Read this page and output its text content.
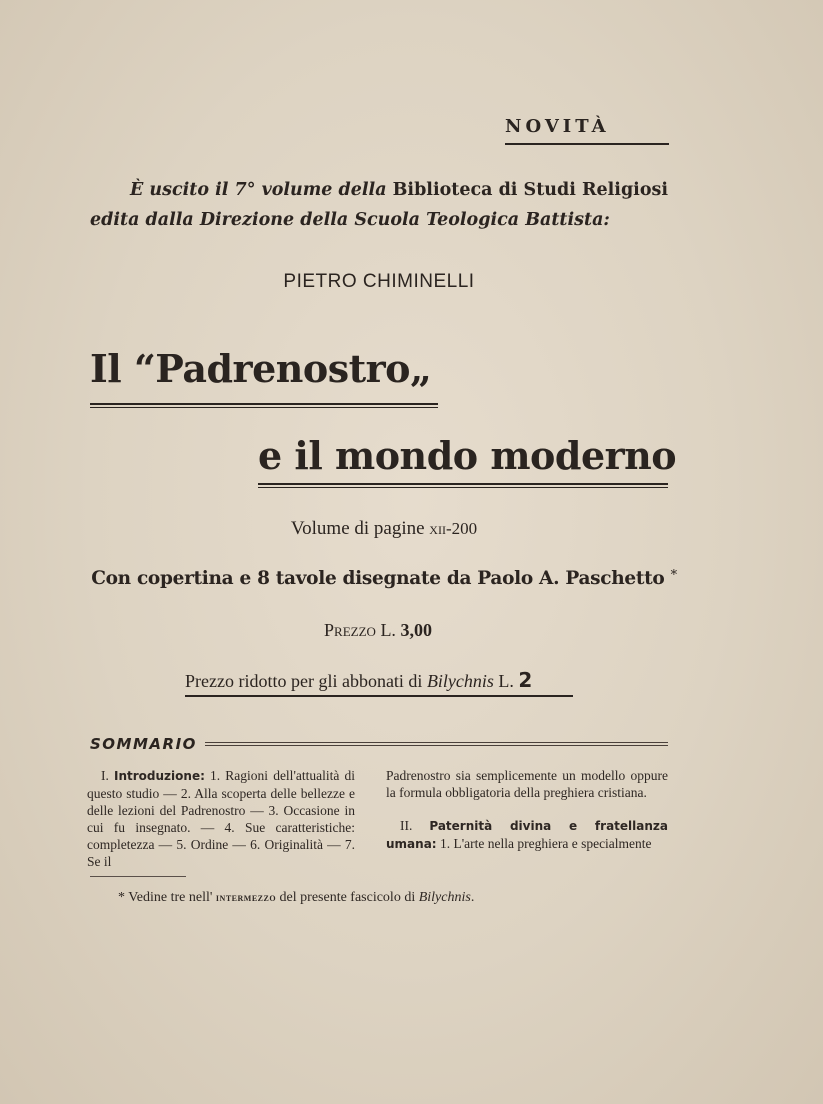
NOVITÀ
È uscito il 7° volume della Biblioteca di Studi Religiosi
edita dalla Direzione della Scuola Teologica Battista:
PIETRO CHIMINELLI
Il “Padrenostro„
e il mondo moderno
Volume di pagine xii-200
Con copertina e 8 tavole disegnate da Paolo A. Paschetto *
Prezzo L. 3,00
Prezzo ridotto per gli abbonati di Bilychnis L. 2
SOMMARIO

I. Introduzione: 1. Ragioni dell'attualità di questo studio — 2. Alla scoperta delle bellezze e delle lezioni del Padrenostro — 3. Occasione in cui fu insegnato. — 4. Sue caratteristiche: completezza — 5. Ordine — 6. Originalità — 7. Se il

Padrenostro sia semplicemente un modello oppure la formula obbligatoria della preghiera cristiana.

II. Paternità divina e fratellanza umana: 1. L'arte nella preghiera e specialmente

* Vedine tre nell' intermezzo del presente fascicolo di Bilychnis.
